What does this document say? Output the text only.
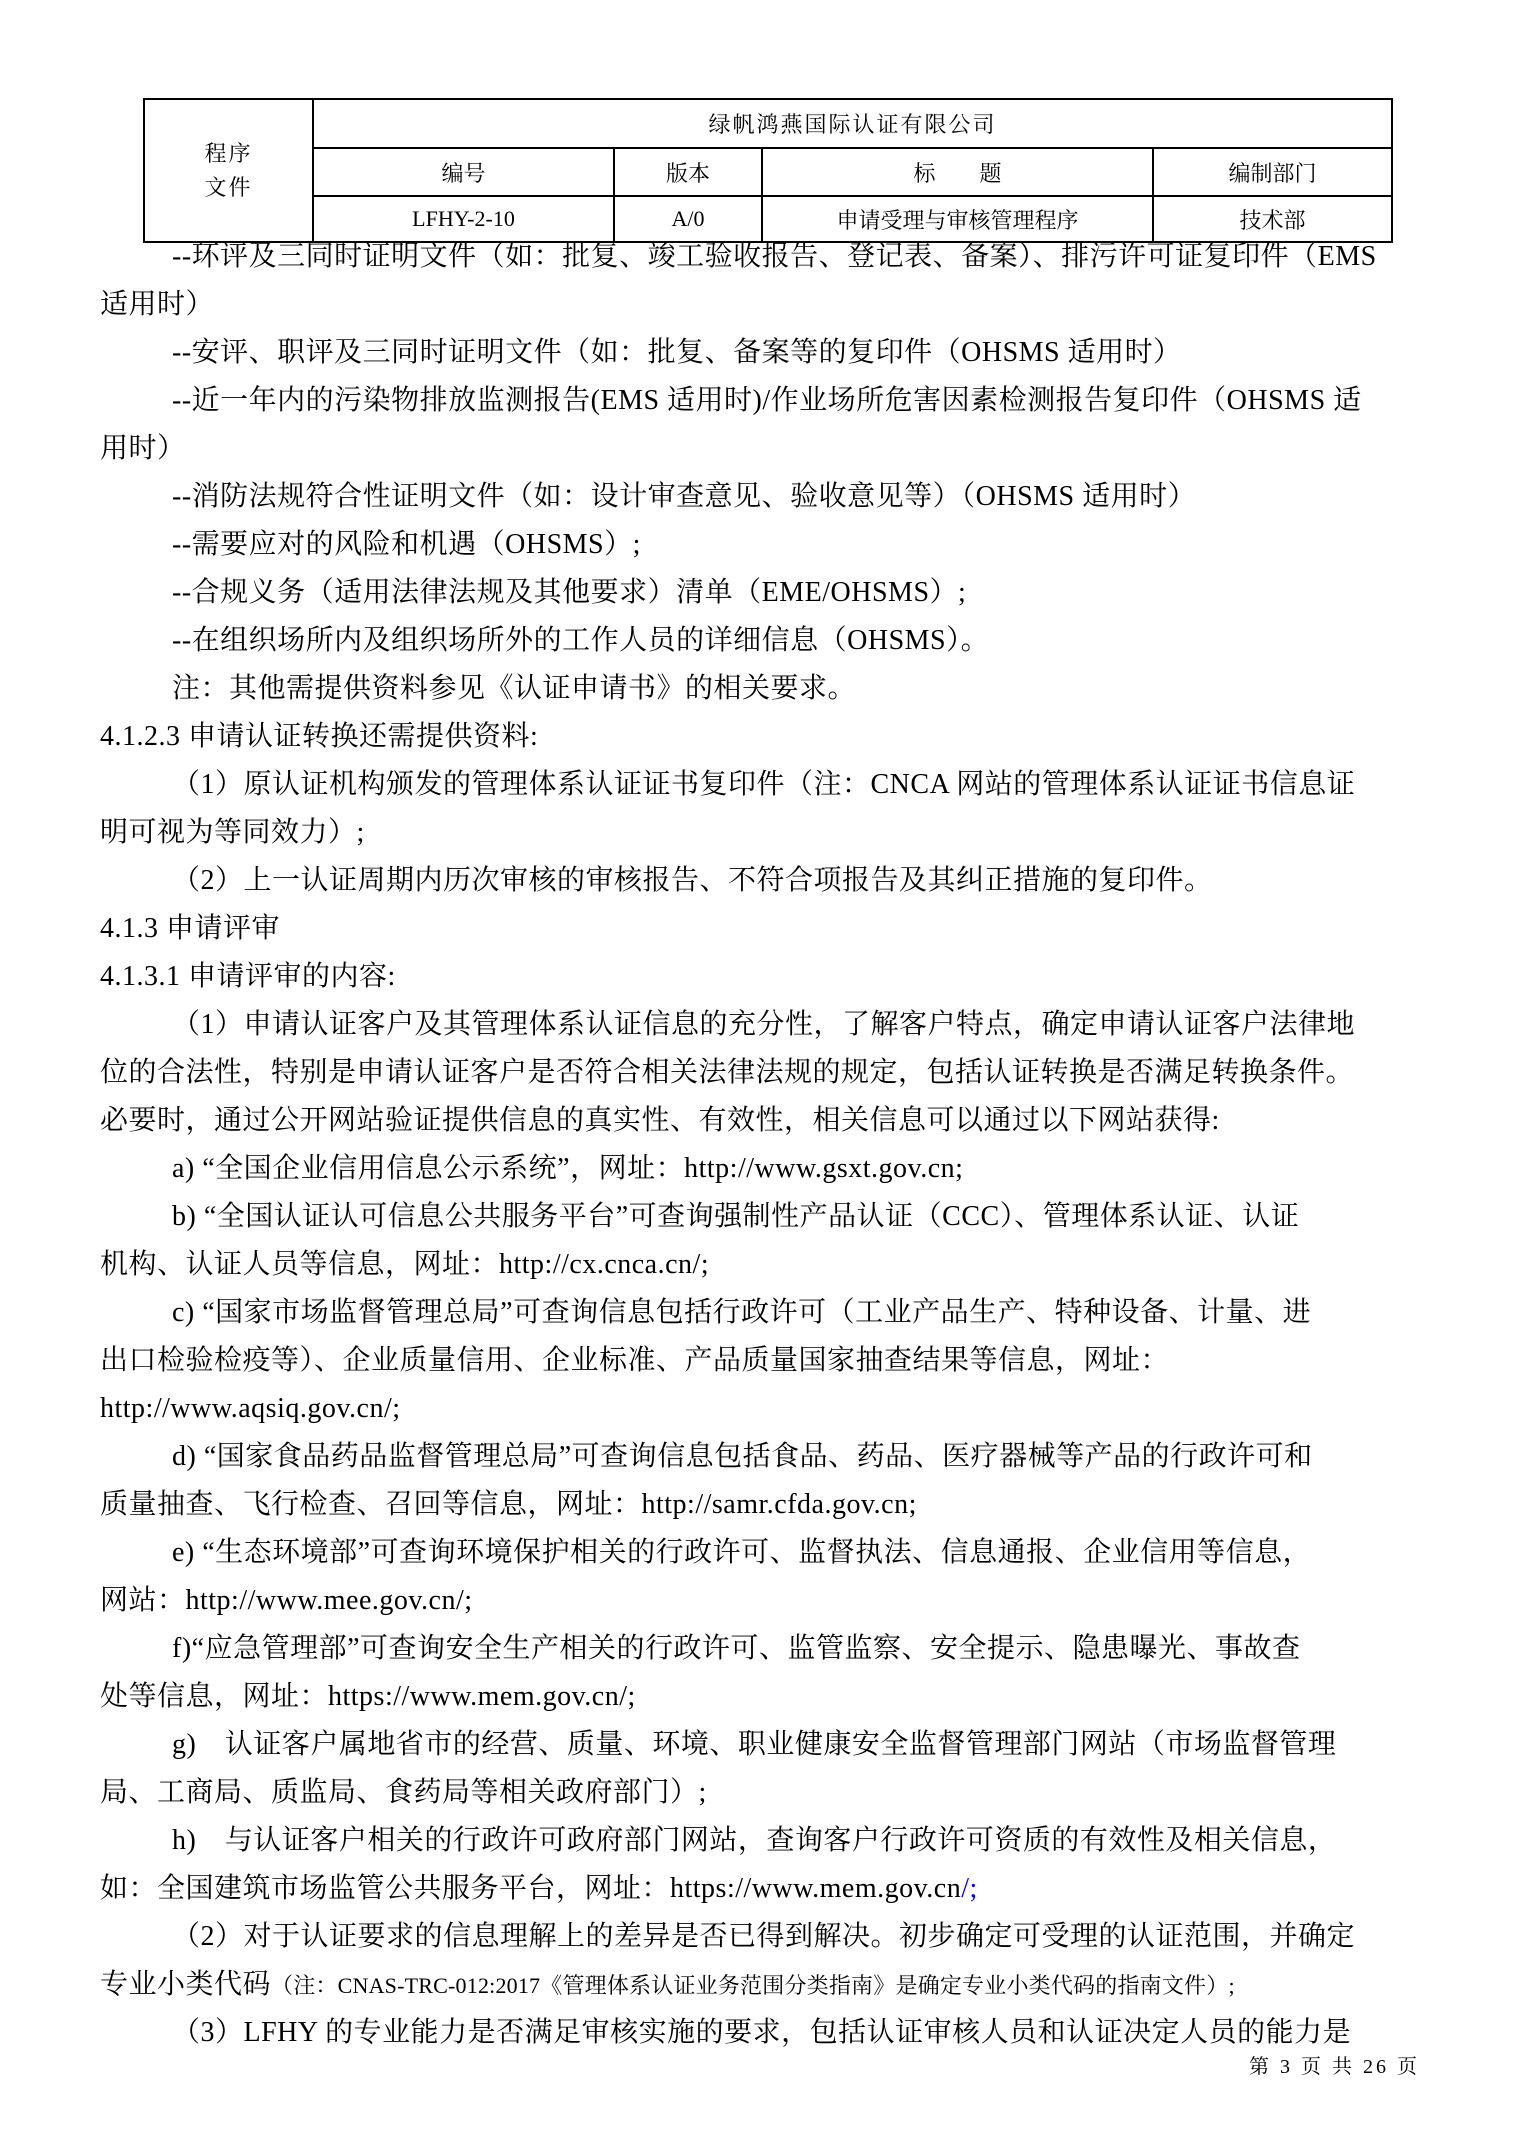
程序
文件	绿帆鸿燕国际认证有限公司			
	编号	版本	标　　题	编制部门
	LFHY-2-10	A/0	申请受理与审核管理程序	技术部
--环评及三同时证明文件（如：批复、竣工验收报告、登记表、备案）、排污许可证复印件（EMS
适用时）
--安评、职评及三同时证明文件（如：批复、备案等的复印件（OHSMS 适用时）
--近一年内的污染物排放监测报告(EMS 适用时)/作业场所危害因素检测报告复印件（OHSMS 适
用时）
--消防法规符合性证明文件（如：设计审查意见、验收意见等）（OHSMS 适用时）
--需要应对的风险和机遇（OHSMS）;
--合规义务（适用法律法规及其他要求）清单（EME/OHSMS）;
--在组织场所内及组织场所外的工作人员的详细信息（OHSMS）。
注：其他需提供资料参见《认证申请书》的相关要求。
4.1.2.3 申请认证转换还需提供资料:
（1）原认证机构颁发的管理体系认证证书复印件（注：CNCA 网站的管理体系认证证书信息证
明可视为等同效力）;
（2）上一认证周期内历次审核的审核报告、不符合项报告及其纠正措施的复印件。
4.1.3 申请评审
4.1.3.1 申请评审的内容:
（1）申请认证客户及其管理体系认证信息的充分性，了解客户特点，确定申请认证客户法律地
位的合法性，特别是申请认证客户是否符合相关法律法规的规定，包括认证转换是否满足转换条件。
必要时，通过公开网站验证提供信息的真实性、有效性，相关信息可以通过以下网站获得:
a) “全国企业信用信息公示系统”，网址：http://www.gsxt.gov.cn;
b) “全国认证认可信息公共服务平台”可查询强制性产品认证（CCC）、管理体系认证、认证
机构、认证人员等信息，网址：http://cx.cnca.cn/;
c) “国家市场监督管理总局”可查询信息包括行政许可（工业产品生产、特种设备、计量、进
出口检验检疫等）、企业质量信用、企业标准、产品质量国家抽查结果等信息，网址：
http://www.aqsiq.gov.cn/;
d) “国家食品药品监督管理总局”可查询信息包括食品、药品、医疗器械等产品的行政许可和
质量抽查、飞行检查、召回等信息，网址：http://samr.cfda.gov.cn;
e) “生态环境部”可查询环境保护相关的行政许可、监督执法、信息通报、企业信用等信息，
网站：http://www.mee.gov.cn/;
f)“应急管理部”可查询安全生产相关的行政许可、监管监察、安全提示、隐患曝光、事故查
处等信息，网址：https://www.mem.gov.cn/;
g)　认证客户属地省市的经营、质量、环境、职业健康安全监督管理部门网站（市场监督管理
局、工商局、质监局、食药局等相关政府部门）;
h)　与认证客户相关的行政许可政府部门网站，查询客户行政许可资质的有效性及相关信息，
如：全国建筑市场监管公共服务平台，网址：https://www.mem.gov.cn/;
（2）对于认证要求的信息理解上的差异是否已得到解决。初步确定可受理的认证范围，并确定
专业小类代码（注：CNAS-TRC-012:2017《管理体系认证业务范围分类指南》是确定专业小类代码的指南文件）;
（3）LFHY 的专业能力是否满足审核实施的要求，包括认证审核人员和认证决定人员的能力是
第 3 页 共 26 页
